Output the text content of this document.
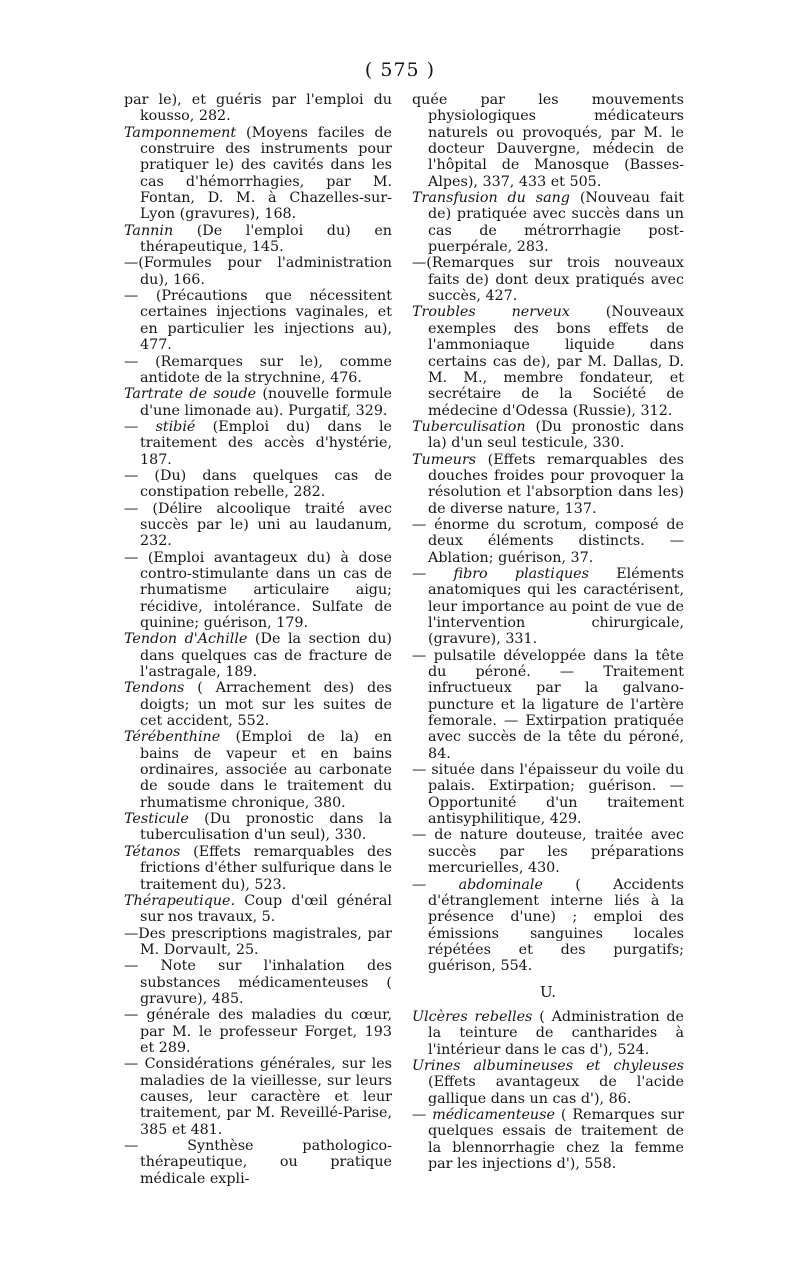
( 575 )

par le), et guéris par l'emploi du kousso, 282.

Tamponnement (Moyens faciles de construire des instruments pour pratiquer le) des cavités dans les cas d'hémorrhagies, par M. Fontan, D. M. à Chazelles-sur-Lyon (gravures), 168.

Tannin (De l'emploi du) en thérapeutique, 145.

—(Formules pour l'administration du), 166.

— (Précautions que nécessitent certaines injections vaginales, et en particulier les injections au), 477.

— (Remarques sur le), comme antidote de la strychnine, 476.

Tartrate de soude (nouvelle formule d'une limonade au). Purgatif, 329.

— stibié (Emploi du) dans le traitement des accès d'hystérie, 187.

— (Du) dans quelques cas de constipation rebelle, 282.

— (Délire alcoolique traité avec succès par le) uni au laudanum, 232.

— (Emploi avantageux du) à dose contro-stimulante dans un cas de rhumatisme articulaire aigu; récidive, intolérance. Sulfate de quinine; guérison, 179.

Tendon d'Achille (De la section du) dans quelques cas de fracture de l'astragale, 189.

Tendons ( Arrachement des) des doigts; un mot sur les suites de cet accident, 552.

Térébenthine (Emploi de la) en bains de vapeur et en bains ordinaires, associée au carbonate de soude dans le traitement du rhumatisme chronique, 380.

Testicule (Du pronostic dans la tuberculisation d'un seul), 330.

Tétanos (Effets remarquables des frictions d'éther sulfurique dans le traitement du), 523.

Thérapeutique. Coup d'œil général sur nos travaux, 5.

—Des prescriptions magistrales, par M. Dorvault, 25.

— Note sur l'inhalation des substances médicamenteuses ( gravure), 485.

— générale des maladies du cœur, par M. le professeur Forget, 193 et 289.

— Considérations générales, sur les maladies de la vieillesse, sur leurs causes, leur caractère et leur traitement, par M. Reveillé-Parise, 385 et 481.

— Synthèse pathologico-thérapeutique, ou pratique médicale expli-

quée par les mouvements physiologiques médicateurs naturels ou provoqués, par M. le docteur Dauvergne, médecin de l'hôpital de Manosque (Basses-Alpes), 337, 433 et 505.

Transfusion du sang (Nouveau fait de) pratiquée avec succès dans un cas de métrorrhagie post-puerpérale, 283.

—(Remarques sur trois nouveaux faits de) dont deux pratiqués avec succès, 427.

Troubles nerveux (Nouveaux exemples des bons effets de l'ammoniaque liquide dans certains cas de), par M. Dallas, D. M. M., membre fondateur, et secrétaire de la Société de médecine d'Odessa (Russie), 312.

Tuberculisation (Du pronostic dans la) d'un seul testicule, 330.

Tumeurs (Effets remarquables des douches froides pour provoquer la résolution et l'absorption dans les) de diverse nature, 137.

— énorme du scrotum, composé de deux éléments distincts. — Ablation; guérison, 37.

— fibro plastiques Eléments anatomiques qui les caractérisent, leur importance au point de vue de l'intervention chirurgicale, (gravure), 331.

— pulsatile développée dans la tête du péroné. — Traitement infructueux par la galvano-puncture et la ligature de l'artère femorale. — Extirpation pratiquée avec succès de la tête du péroné, 84.

— située dans l'épaisseur du voile du palais. Extirpation; guérison. — Opportunité d'un traitement antisyphilitique, 429.

— de nature douteuse, traitée avec succès par les préparations mercurielles, 430.

— abdominale ( Accidents d'étranglement interne liés à la présence d'une) ; emploi des émissions sanguines locales répétées et des purgatifs; guérison, 554.

U.

Ulcères rebelles ( Administration de la teinture de cantharides à l'intérieur dans le cas d'), 524.

Urines albumineuses et chyleuses (Effets avantageux de l'acide gallique dans un cas d'), 86.

— médicamenteuse ( Remarques sur quelques essais de traitement de la blennorrhagie chez la femme par les injections d'), 558.
